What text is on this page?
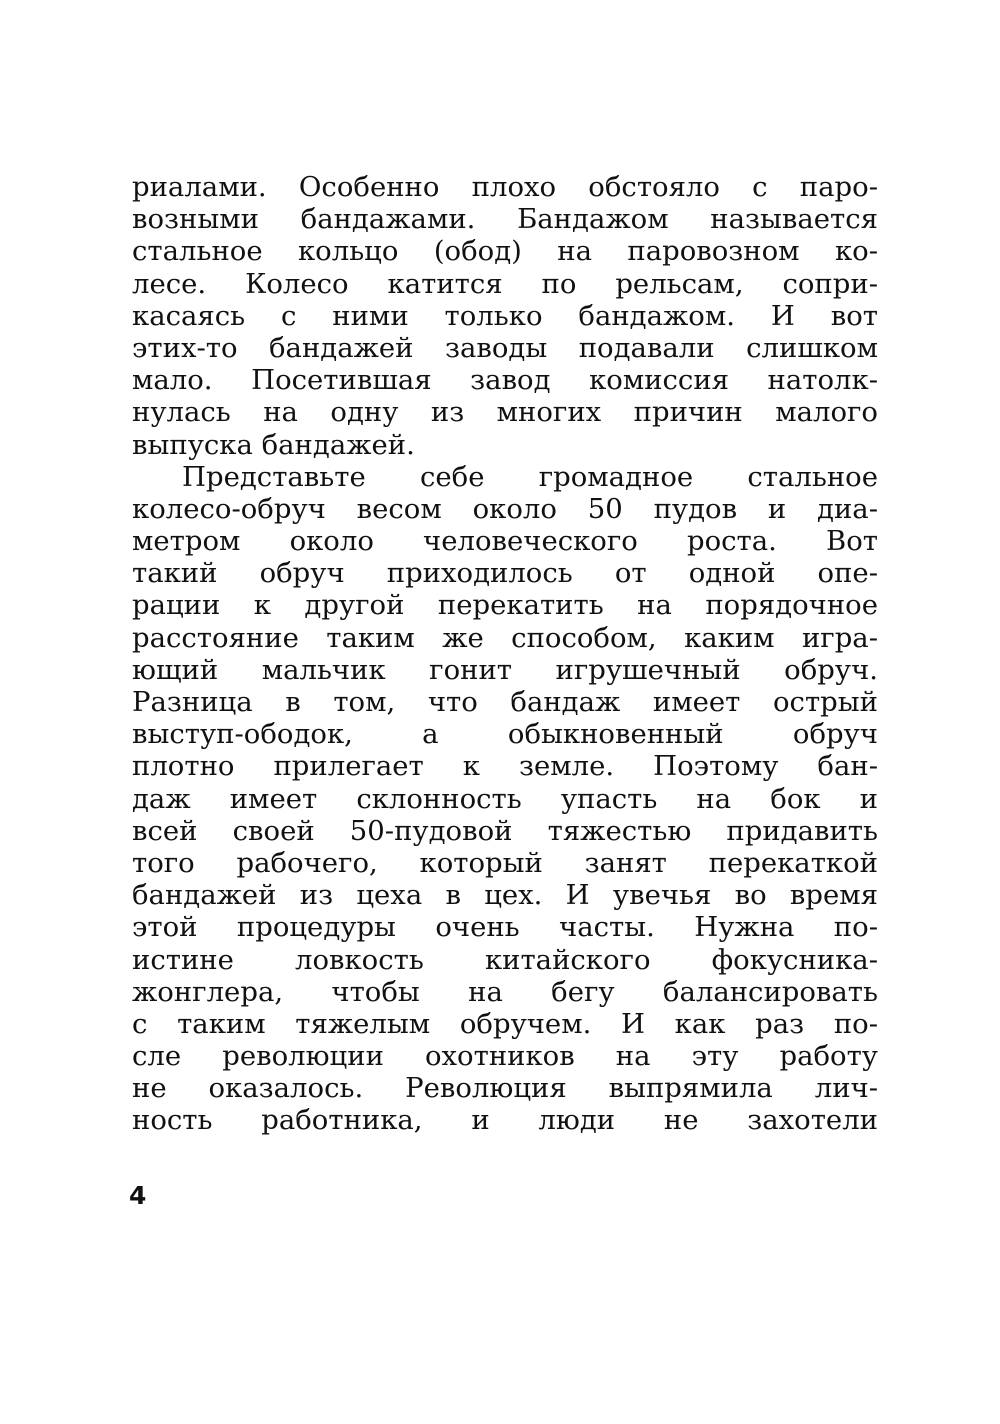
риалами. Особенно плохо обстояло с паро-
возными бандажами. Бандажом называется
стальное кольцо (обод) на паровозном ко-
лесе. Колесо катится по рельсам, сопри-
касаясь с ними только бандажом. И вот
этих-то бандажей заводы подавали слишком
мало. Посетившая завод комиссия натолк-
нулась на одну из многих причин малого
выпуска бандажей.
Представьте себе громадное стальное
колесо-обруч весом около 50 пудов и диа-
метром около человеческого роста. Вот
такий обруч приходилось от одной опе-
рации к другой перекатить на порядочное
расстояние таким же способом, каким игра-
ющий мальчик гонит игрушечный обруч.
Разница в том, что бандаж имеет острый
выступ-ободок, а обыкновенный обруч
плотно прилегает к земле. Поэтому бан-
даж имеет склонность упасть на бок и
всей своей 50-пудовой тяжестью придавить
того рабочего, который занят перекаткой
бандажей из цеха в цех. И увечья во время
этой процедуры очень часты. Нужна по-
истине ловкость китайского фокусника-
жонглера, чтобы на бегу балансировать
с таким тяжелым обручем. И как раз по-
сле революции охотников на эту работу
не оказалось. Революция выпрямила лич-
ность работника, и люди не захотели
4
